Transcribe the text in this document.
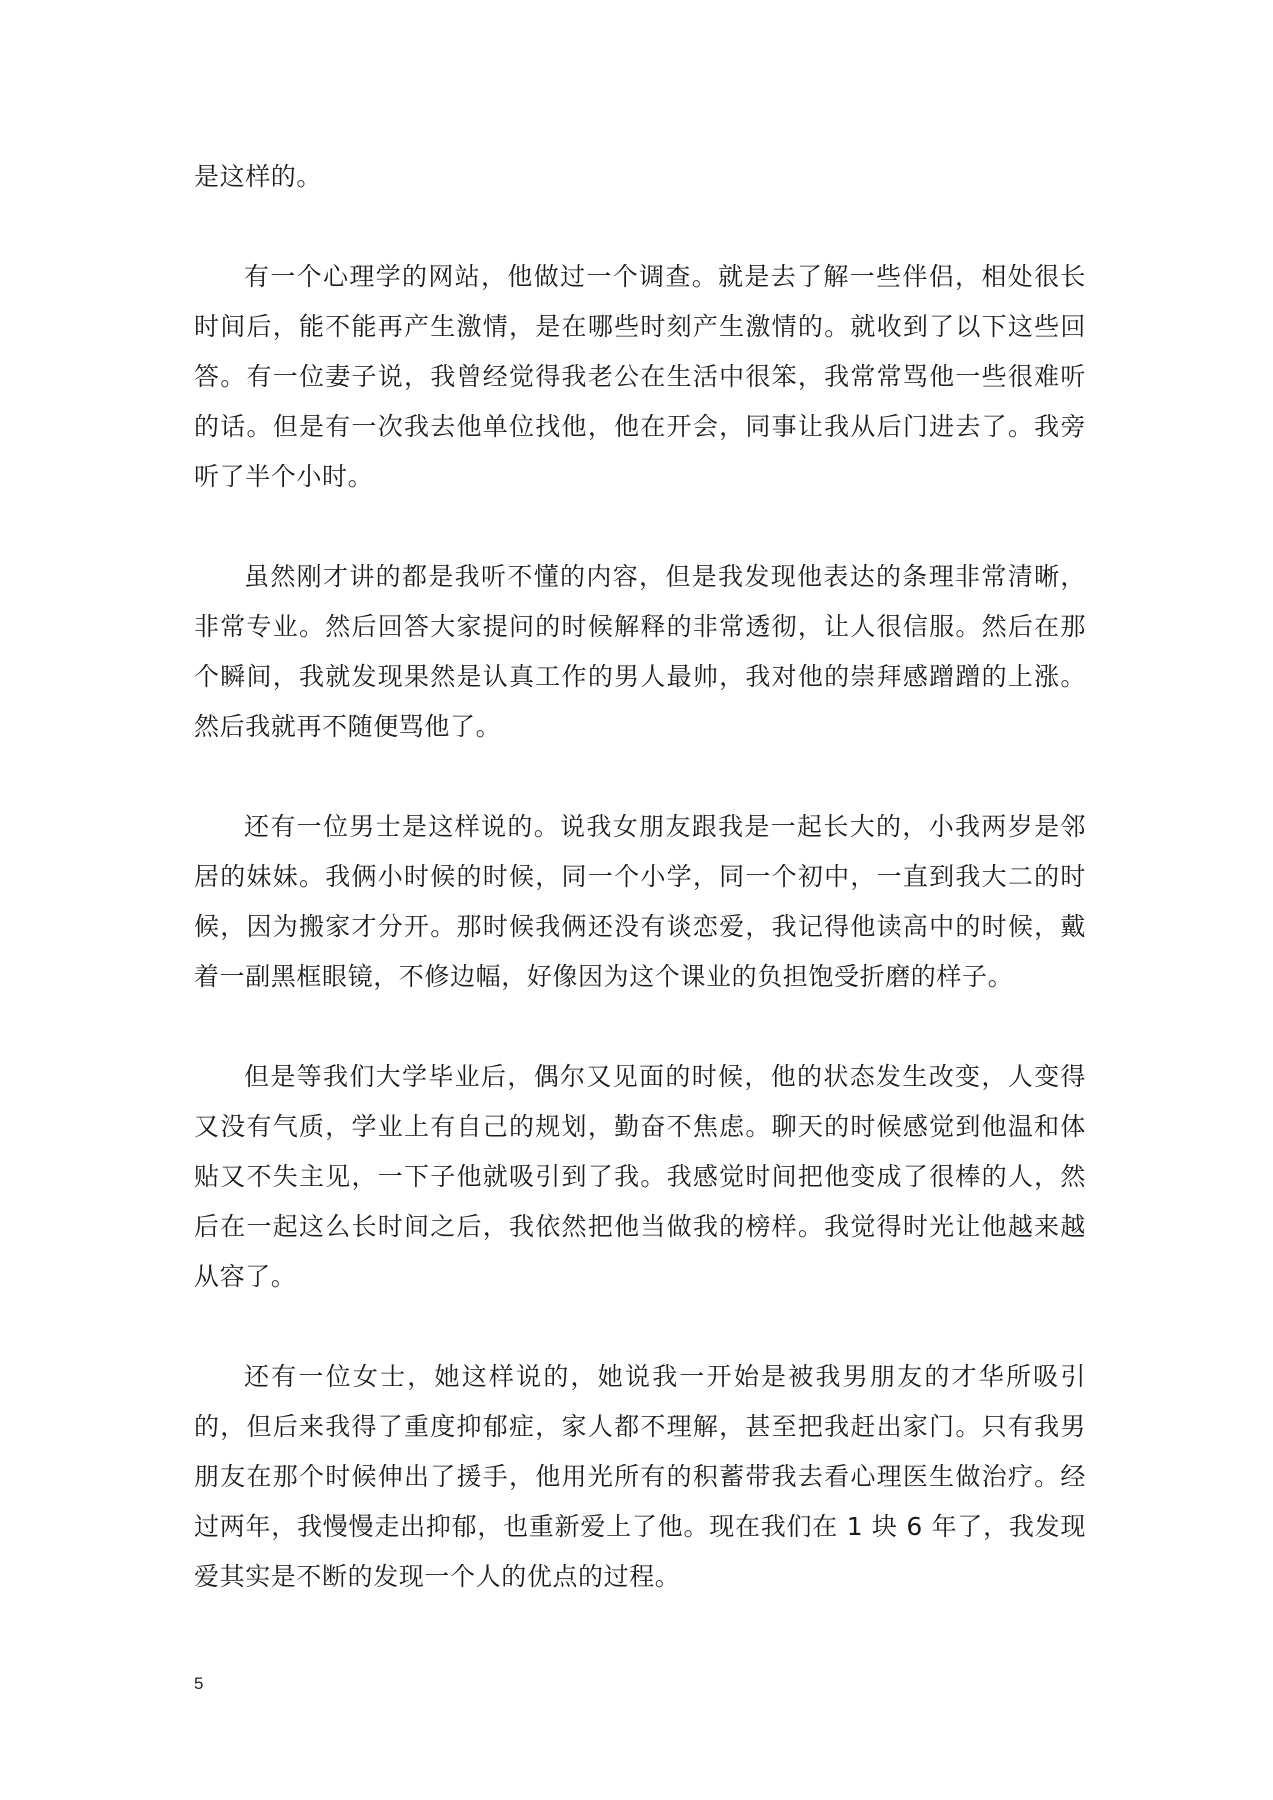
是这样的。

有一个心理学的网站，他做过一个调查。就是去了解一些伴侣，相处很长时间后，能不能再产生激情，是在哪些时刻产生激情的。就收到了以下这些回答。有一位妻子说，我曾经觉得我老公在生活中很笨，我常常骂他一些很难听的话。但是有一次我去他单位找他，他在开会，同事让我从后门进去了。我旁听了半个小时。

虽然刚才讲的都是我听不懂的内容，但是我发现他表达的条理非常清晰，非常专业。然后回答大家提问的时候解释的非常透彻，让人很信服。然后在那个瞬间，我就发现果然是认真工作的男人最帅，我对他的崇拜感蹭蹭的上涨。然后我就再不随便骂他了。

还有一位男士是这样说的。说我女朋友跟我是一起长大的，小我两岁是邻居的妹妹。我俩小时候的时候，同一个小学，同一个初中，一直到我大二的时候，因为搬家才分开。那时候我俩还没有谈恋爱，我记得他读高中的时候，戴着一副黑框眼镜，不修边幅，好像因为这个课业的负担饱受折磨的样子。

但是等我们大学毕业后，偶尔又见面的时候，他的状态发生改变，人变得又没有气质，学业上有自己的规划，勤奋不焦虑。聊天的时候感觉到他温和体贴又不失主见，一下子他就吸引到了我。我感觉时间把他变成了很棒的人，然后在一起这么长时间之后，我依然把他当做我的榜样。我觉得时光让他越来越从容了。

还有一位女士，她这样说的，她说我一开始是被我男朋友的才华所吸引的，但后来我得了重度抑郁症，家人都不理解，甚至把我赶出家门。只有我男朋友在那个时候伸出了援手，他用光所有的积蓄带我去看心理医生做治疗。经过两年，我慢慢走出抑郁，也重新爱上了他。现在我们在 1 块 6 年了，我发现爱其实是不断的发现一个人的优点的过程。

5
